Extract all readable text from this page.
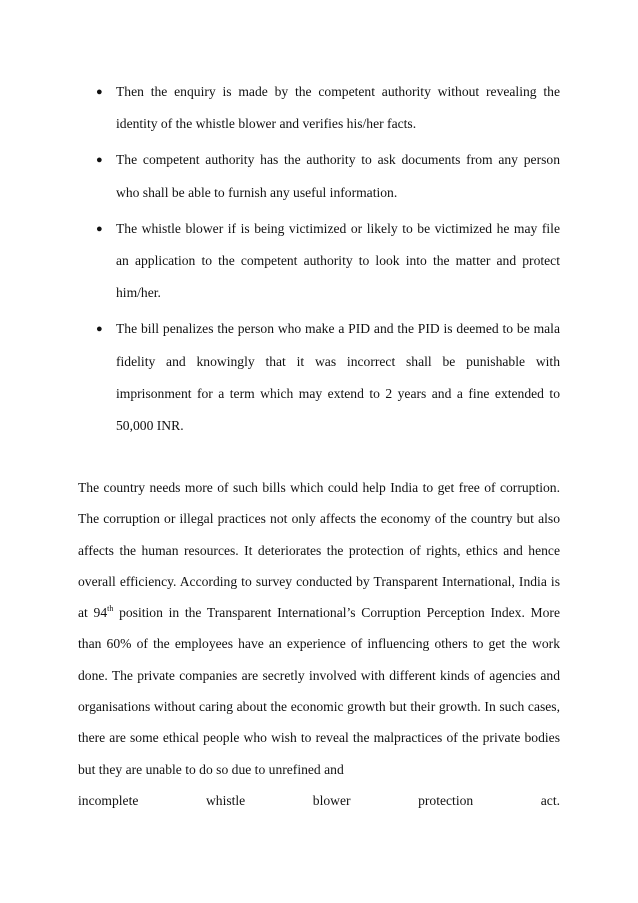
● Then the enquiry is made by the competent authority without revealing the identity of the whistle blower and verifies his/her facts.
● The competent authority has the authority to ask documents from any person who shall be able to furnish any useful information.
● The whistle blower if is being victimized or likely to be victimized he may file an application to the competent authority to look into the matter and protect him/her.
● The bill penalizes the person who make a PID and the PID is deemed to be mala fidelity and knowingly that it was incorrect shall be punishable with imprisonment for a term which may extend to 2 years and a fine extended to 50,000 INR.

The country needs more of such bills which could help India to get free of corruption. The corruption or illegal practices not only affects the economy of the country but also affects the human resources. It deteriorates the protection of rights, ethics and hence overall efficiency. According to survey conducted by Transparent International, India is at 94th position in the Transparent International’s Corruption Perception Index. More than 60% of the employees have an experience of influencing others to get the work done. The private companies are secretly involved with different kinds of agencies and organisations without caring about the economic growth but their growth. In such cases, there are some ethical people who wish to reveal the malpractices of the private bodies but they are unable to do so due to unrefined and
incomplete	whistle	blower	protection	act.
